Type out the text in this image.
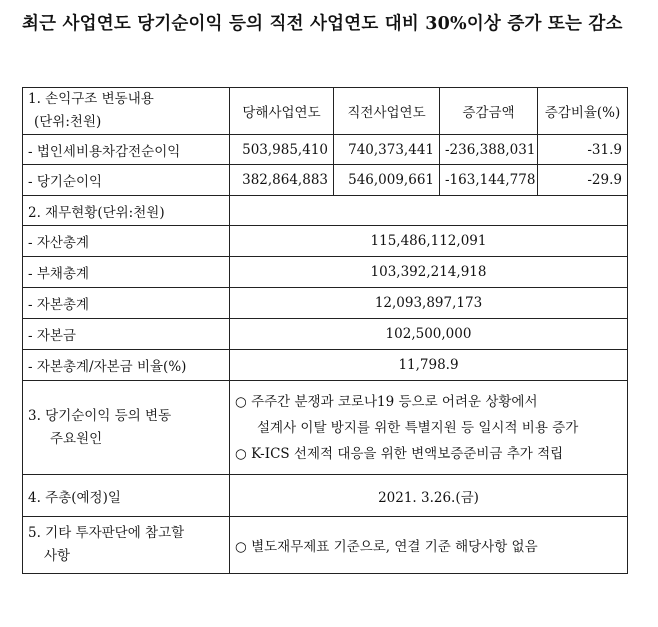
최근 사업연도 당기순이익 등의 직전 사업연도 대비 30%이상 증가 또는 감소
1. 손익구조 변동내용
(단위:천원)	당해사업연도	직전사업연도	증감금액	증감비율(%)
- 법인세비용차감전순이익	503,985,410	740,373,441	-236,388,031	-31.9
- 당기순이익	382,864,883	546,009,661	-163,144,778	-29.9
2. 재무현황(단위:천원)				
- 자산총계	115,486,112,091			
- 부채총계	103,392,214,918			
- 자본총계	12,093,897,173			
- 자본금	102,500,000			
- 자본총계/자본금 비율(%)	11,798.9			

3. 당기순이익 등의 변동
주요원인	○ 주주간 분쟁과 코로나19 등으로 어려운 상황에서
설계사 이탈 방지를 위한 특별지원 등 일시적 비용 증가
○ K-ICS 선제적 대응을 위한 변액보증준비금 추가 적립			

4. 주총(예정)일	2021. 3.26.(금)			

5. 기타 투자판단에 참고할
사항	○ 별도재무제표 기준으로, 연결 기준 해당사항 없음			
